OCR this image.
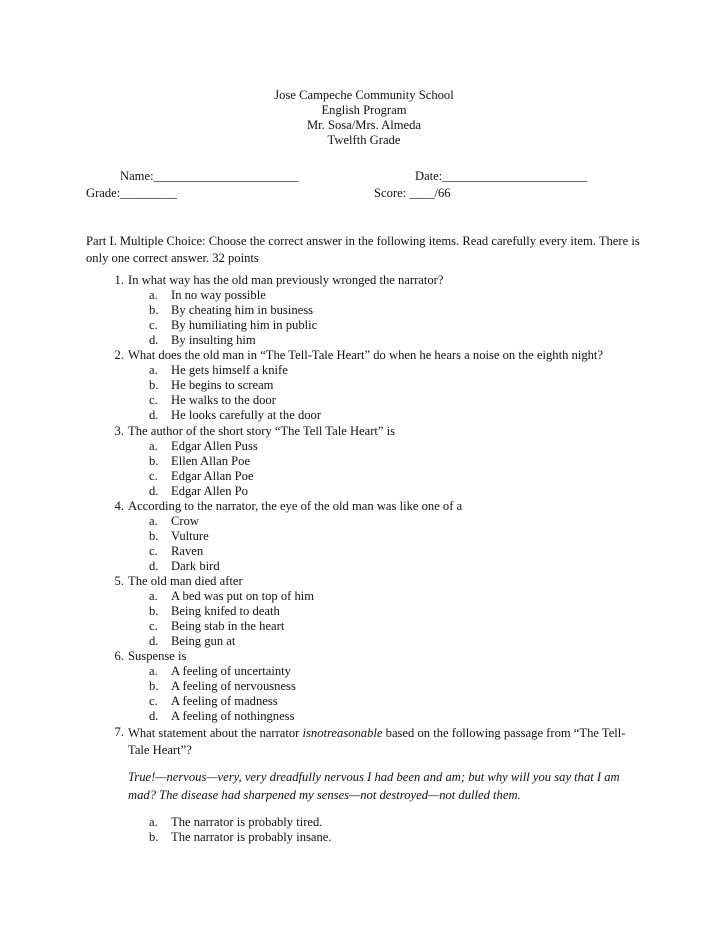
Jose Campeche Community School
English Program
Mr. Sosa/Mrs. Almeda
Twelfth Grade
Name:_______________________	Date:_______________________
Grade:_________	Score: ____/66
Part I. Multiple Choice: Choose the correct answer in the following items. Read carefully every item. There is only one correct answer. 32 points
1. In what way has the old man previously wronged the narrator?
a.	In no way possible
b. By cheating him in business
c.	By humiliating him in public
d. By insulting him
2. What does the old man in “The Tell-Tale Heart” do when he hears a noise on the eighth night?
a.	He gets himself a knife
b. He begins to scream
c.	He walks to the door
d. He looks carefully at the door
3. The author of the short story “The Tell Tale Heart” is
a.	Edgar Allen Puss
b. Ellen Allan Poe
c.	Edgar Allan Poe
d. Edgar Allen Po
4. According to the narrator, the eye of the old man was like one of a
a.	Crow
b. Vulture
c.	Raven
d. Dark bird
5. The old man died after
a.	A bed was put on top of him
b. Being knifed to death
c.	Being stab in the heart
d. Being gun at
6. Suspense is
a.	A feeling of uncertainty
b. A feeling of nervousness
c.	A feeling of madness
d. A feeling of nothingness
7. What statement about the narrator isnotreasonable based on the following passage from “The Tell-Tale Heart”?
True!—nervous—very, very dreadfully nervous I had been and am; but why will you say that I am mad? The disease had sharpened my senses—not destroyed—not dulled them.
a.	The narrator is probably tired.
b. The narrator is probably insane.
